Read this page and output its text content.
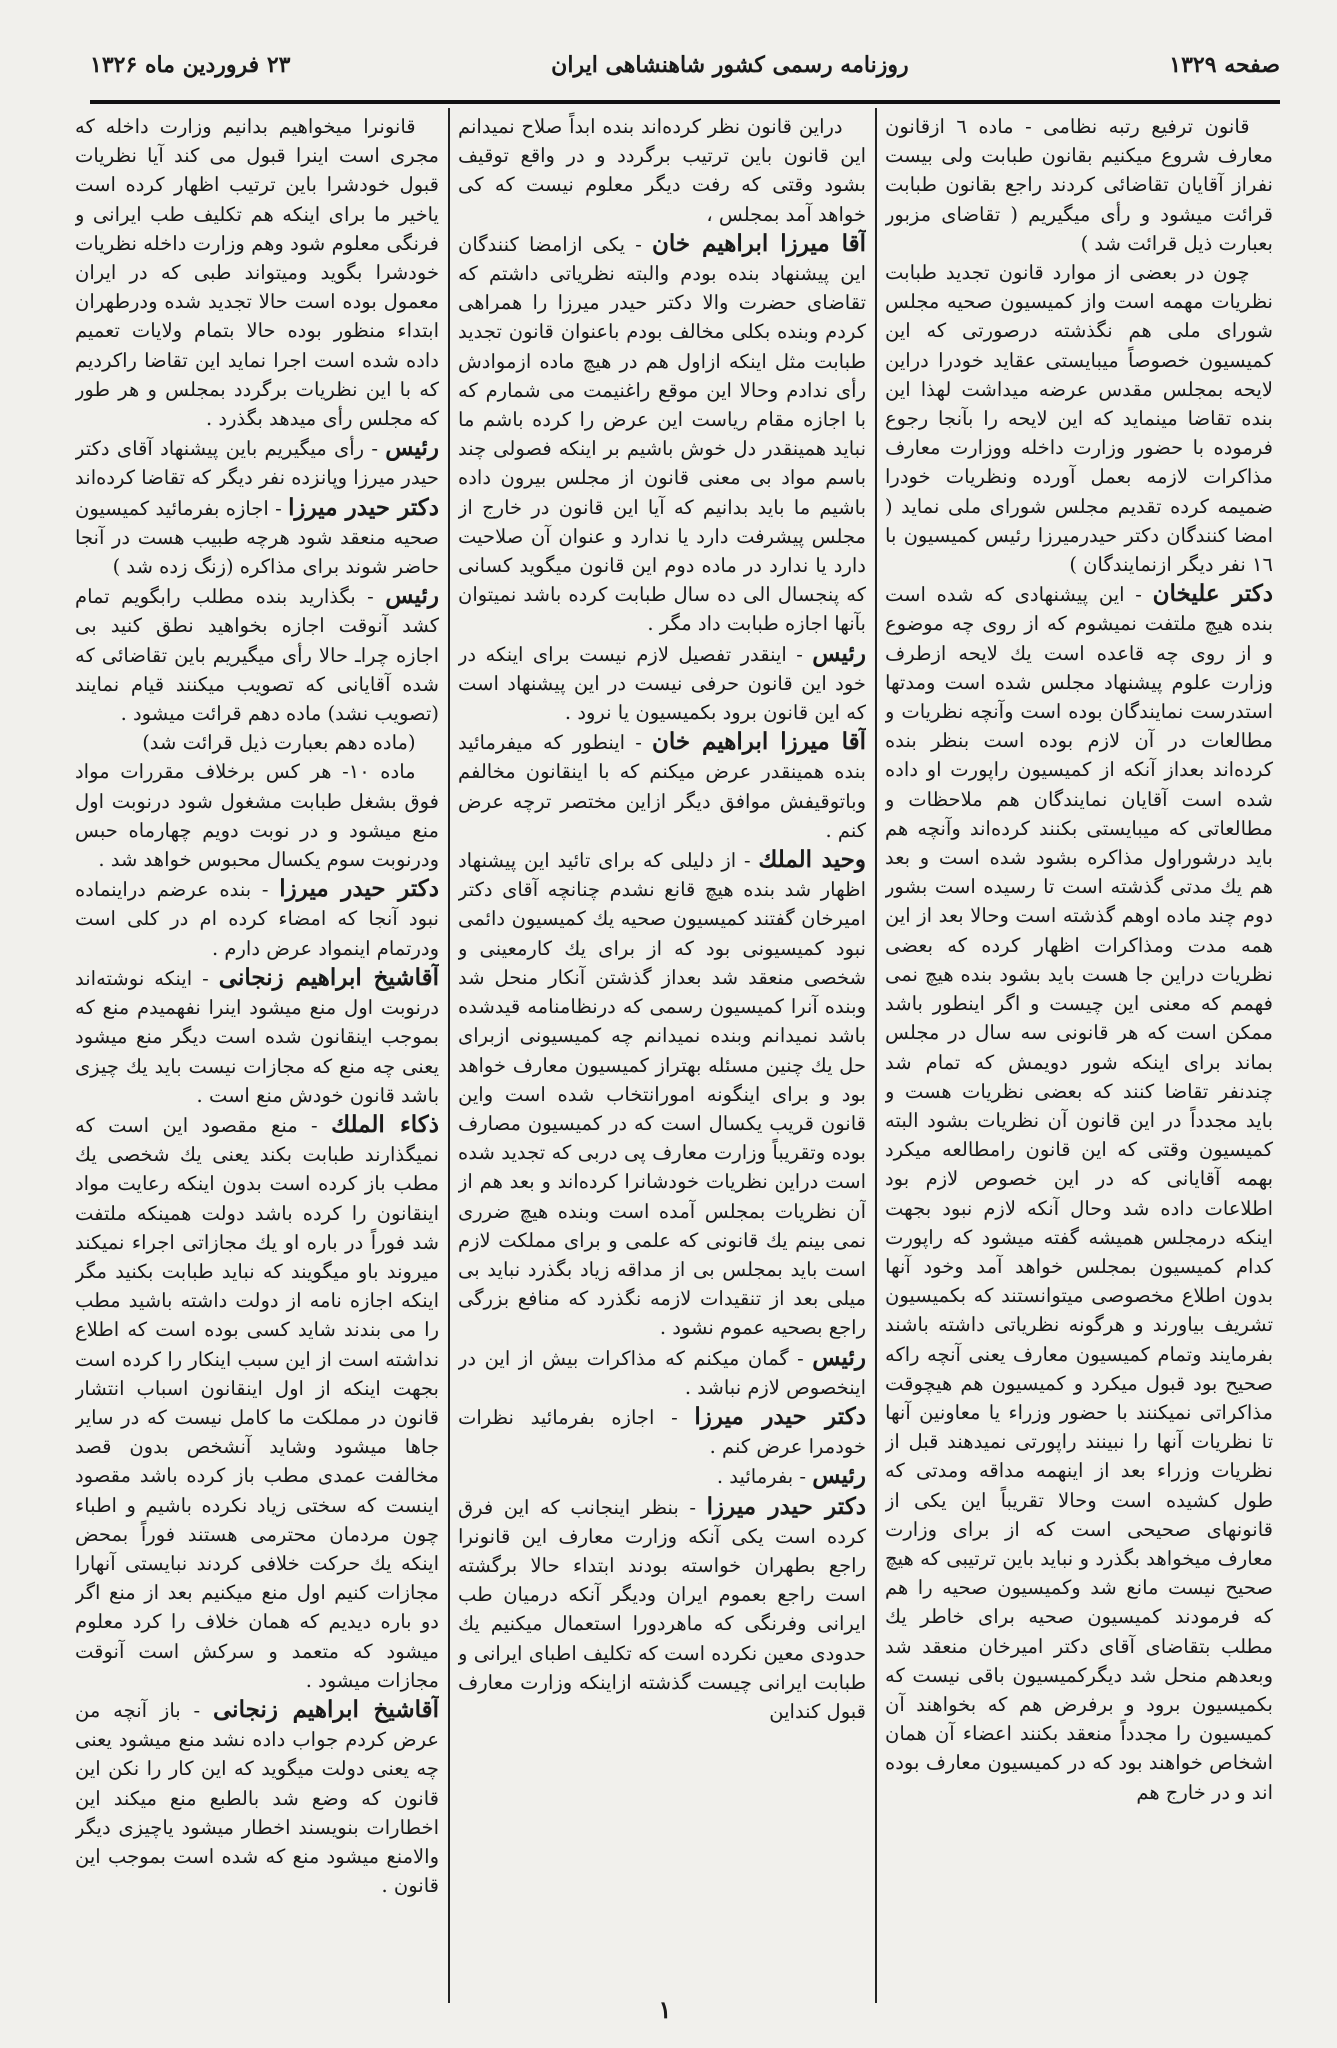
صفحه ۱۳۲۹
روزنامه رسمی کشور شاهنشاهی ایران
۲۳ فروردین ماه ۱۳۲۶

قانون ترفیع رتبه نظامی - ماده ٦ ازقانون معارف شروع میکنیم بقانون طبابت ولی بیست نفراز آقایان تقاضائی کردند راجع بقانون طبابت قرائت میشود و رأی میگیریم ( تقاضای مزبور بعبارت ذیل قرائت شد )

چون در بعضی از موارد قانون تجدید طبابت نظریات مهمه است واز کمیسیون صحیه مجلس شورای ملی هم نگذشته درصورتی که این کمیسیون خصوصاً میبایستی عقاید خودرا دراین لایحه بمجلس مقدس عرضه میداشت لهذا این بنده تقاضا مینماید که این لایحه را بآنجا رجوع فرموده با حضور وزارت داخله ووزارت معارف مذاکرات لازمه بعمل آورده ونظریات خودرا ضمیمه کرده تقدیم مجلس شورای ملی نماید ( امضا کنندگان دکتر حیدرمیرزا رئیس کمیسیون با ۱٦ نفر دیگر ازنمایندگان )

دکتر علیخان - این پیشنهادی که شده است بنده هیچ ملتفت نمیشوم که از روی چه موضوع و از روی چه قاعده است یك لایحه ازطرف وزارت علوم پیشنهاد مجلس شده است ومدتها استدرست نمایندگان بوده است وآنچه نظریات و مطالعات در آن لازم بوده است بنظر بنده کرده‌اند بعداز آنکه از کمیسیون راپورت او داده شده است آقایان نمایندگان هم ملاحظات و مطالعاتی که میبایستی بکنند کرده‌اند وآنچه هم باید درشوراول مذاکره بشود شده است و بعد هم یك مدتی گذشته است تا رسیده است بشور دوم چند ماده اوهم گذشته است وحالا بعد از این همه مدت ومذاکرات اظهار کرده که بعضی نظریات دراین جا هست باید بشود بنده هیچ نمی فهمم که معنی این چیست و اگر اینطور باشد ممکن است که هر قانونی سه سال در مجلس بماند برای اینکه شور دویمش که تمام شد چندنفر تقاضا کنند که بعضی نظریات هست و باید مجدداً در این قانون آن نظریات بشود البته کمیسیون وقتی که این قانون رامطالعه میکرد بهمه آقایانی که در این خصوص لازم بود اطلاعات داده شد وحال آنکه لازم نبود بجهت اینکه درمجلس همیشه گفته میشود که راپورت کدام کمیسیون بمجلس خواهد آمد وخود آنها بدون اطلاع مخصوصی میتوانستند که بکمیسیون تشریف بیاورند و هرگونه نظریاتی داشته باشند بفرمایند وتمام کمیسیون معارف یعنی آنچه راکه صحیح بود قبول میکرد و کمیسیون هم هیچوقت مذاکراتی نمیکنند با حضور وزراء یا معاونین آنها تا نظریات آنها را نبینند راپورتی نمیدهند قبل از نظریات وزراء بعد از اینهمه مداقه ومدتی که طول کشیده است وحالا تقریباً این یکی از قانونهای صحیحی است که از برای وزارت معارف میخواهد بگذرد و نباید باین ترتیبی که هیچ صحیح نیست مانع شد وکمیسیون صحیه را هم که فرمودند کمیسیون صحیه برای خاطر یك مطلب بتقاضای آقای دکتر امیرخان منعقد شد وبعدهم منحل شد دیگرکمیسیون باقی نیست که بکمیسیون برود و برفرض هم که بخواهند آن کمیسیون را مجدداً منعقد بکنند اعضاء آن همان اشخاص خواهند بود که در کمیسیون معارف بوده اند و در خارج هم

دراین قانون نظر کرده‌اند بنده ابداً صلاح نمیدانم این قانون باین ترتیب برگردد و در واقع توقیف بشود وقتی که رفت دیگر معلوم نیست که کی خواهد آمد بمجلس ،

آقا میرزا ابراهیم خان - یکی ازامضا کنندگان این پیشنهاد بنده بودم والبته نظریاتی داشتم که تقاضای حضرت والا دکتر حیدر میرزا را همراهی کردم وبنده بکلی مخالف بودم باعنوان قانون تجدید طبابت مثل اینکه ازاول هم در هیچ ماده ازموادش رأی ندادم وحالا این موقع راغنیمت می شمارم که با اجازه مقام ریاست این عرض را کرده باشم ما نباید همینقدر دل خوش باشیم بر اینکه فصولی چند باسم مواد بی معنی قانون از مجلس بیرون داده باشیم ما باید بدانیم که آیا این قانون در خارج از مجلس پیشرفت دارد یا ندارد و عنوان آن صلاحیت دارد یا ندارد در ماده دوم این قانون میگوید کسانی که پنجسال الی ده سال طبابت کرده باشد نمیتوان بآنها اجازه طبابت داد مگر .

رئیس - اینقدر تفصیل لازم نیست برای اینکه در خود این قانون حرفی نیست در این پیشنهاد است که این قانون برود بکمیسیون یا نرود .

آقا میرزا ابراهیم خان - اینطور که میفرمائید بنده همینقدر عرض میکنم که با اینقانون مخالفم وباتوقیفش موافق دیگر ازاین مختصر ترچه عرض کنم .

وحید الملك - از دلیلی که برای تائید این پیشنهاد اظهار شد بنده هیچ قانع نشدم چنانچه آقای دکتر امیرخان گفتند کمیسیون صحیه یك کمیسیون دائمی نبود کمیسیونی بود که از برای یك کارمعینی و شخصی منعقد شد بعداز گذشتن آنکار منحل شد وبنده آنرا کمیسیون رسمی که درنظامنامه قیدشده باشد نمیدانم وبنده نمیدانم چه کمیسیونی ازبرای حل یك چنین مسئله بهتراز کمیسیون معارف خواهد بود و برای اینگونه امورانتخاب شده است واین قانون قریب یکسال است که در کمیسیون مصارف بوده وتقریباً وزارت معارف پی دربی که تجدید شده است دراین نظریات خودشانرا کرده‌اند و بعد هم از آن نظریات بمجلس آمده است وبنده هیچ ضرری نمی بینم یك قانونی که علمی و برای مملکت لازم است باید بمجلس بی از مداقه زیاد بگذرد نباید بی میلی بعد از تنقیدات لازمه نگذرد که منافع بزرگی راجع بصحیه عموم نشود .

رئیس - گمان میکنم که مذاکرات بیش از این در اینخصوص لازم نباشد .

دکتر حیدر میرزا - اجازه بفرمائید نظرات خودمرا عرض کنم .

رئیس - بفرمائید .

دکتر حیدر میرزا - بنظر اینجانب که این فرق کرده است یکی آنکه وزارت معارف این قانونرا راجع بطهران خواسته بودند ابتداء حالا برگشته است راجع بعموم ایران ودیگر آنکه درمیان طب ایرانی وفرنگی که ماهردورا استعمال میکنیم یك حدودی معین نکرده است که تکلیف اطبای ایرانی و طبابت ایرانی چیست گذشته ازاینکه وزارت معارف قبول کنداین

قانونرا میخواهیم بدانیم وزارت داخله که مجری است اینرا قبول می کند آیا نظریات قبول خودشرا باین ترتیب اظهار کرده است یاخیر ما برای اینکه هم تکلیف طب ایرانی و فرنگی معلوم شود وهم وزارت داخله نظریات خودشرا بگوید ومیتواند طبی که در ایران معمول بوده است حالا تجدید شده ودرطهران ابتداء منظور بوده حالا بتمام ولایات تعمیم داده شده است اجرا نماید این تقاضا راکردیم که با این نظریات برگردد بمجلس و هر طور که مجلس رأی میدهد بگذرد .

رئیس - رأی میگیریم باین پیشنهاد آقای دکتر حیدر میرزا وپانزده نفر دیگر که تقاضا کرده‌اند

دکتر حیدر میرزا - اجازه بفرمائید کمیسیون صحیه منعقد شود هرچه طبیب هست در آنجا حاضر شوند برای مذاکره (زنگ زده شد )

رئیس - بگذارید بنده مطلب رابگویم تمام کشد آنوقت اجازه بخواهید نطق کنید بی اجازه چراـ حالا رأی میگیریم باین تقاضائی که شده آقایانی که تصویب میکنند قیام نمایند (تصویب نشد) ماده دهم قرائت میشود .

(ماده دهم بعبارت ذیل قرائت شد)

ماده ۱۰- هر کس برخلاف مقررات مواد فوق بشغل طبابت مشغول شود درنوبت اول منع میشود و در نوبت دویم چهارماه حبس ودرنوبت سوم یکسال محبوس خواهد شد .

دکتر حیدر میرزا - بنده عرضم دراینماده نبود آنجا که امضاء کرده ام در کلی است ودرتمام اینمواد عرض دارم .

آقاشیخ ابراهیم زنجانی - اینکه نوشته‌اند درنوبت اول منع میشود اینرا نفهمیدم منع که بموجب اینقانون شده است دیگر منع میشود یعنی چه منع که مجازات نیست باید یك چیزی باشد قانون خودش منع است .

ذکاء الملك - منع مقصود این است که نمیگذارند طبابت بکند یعنی یك شخصی یك مطب باز کرده است بدون اینکه رعایت مواد اینقانون را کرده باشد دولت همینکه ملتفت شد فوراً در باره او یك مجازاتی اجراء نمیکند میروند باو میگویند که نباید طبابت بکنید مگر اینکه اجازه نامه از دولت داشته باشید مطب را می بندند شاید کسی بوده است که اطلاع نداشته است از این سبب اینکار را کرده است بجهت اینکه از اول اینقانون اسباب انتشار قانون در مملکت ما کامل نیست که در سایر جاها میشود وشاید آنشخص بدون قصد مخالفت عمدی مطب باز کرده باشد مقصود اینست که سختی زیاد نکرده باشیم و اطباء چون مردمان محترمی هستند فوراً بمحض اینکه یك حرکت خلافی کردند نبایستی آنهارا مجازات کنیم اول منع میکنیم بعد از منع اگر دو باره دیدیم که همان خلاف را کرد معلوم میشود که متعمد و سرکش است آنوقت مجازات میشود .

آقاشیخ ابراهیم زنجانی - باز آنچه من عرض کردم جواب داده نشد منع میشود یعنی چه یعنی دولت میگوید که این کار را نکن این قانون که وضع شد بالطبع منع میکند این اخطارات بنویسند اخطار میشود یاچیزی دیگر والامنع میشود منع که شده است بموجب این قانون .

۱
